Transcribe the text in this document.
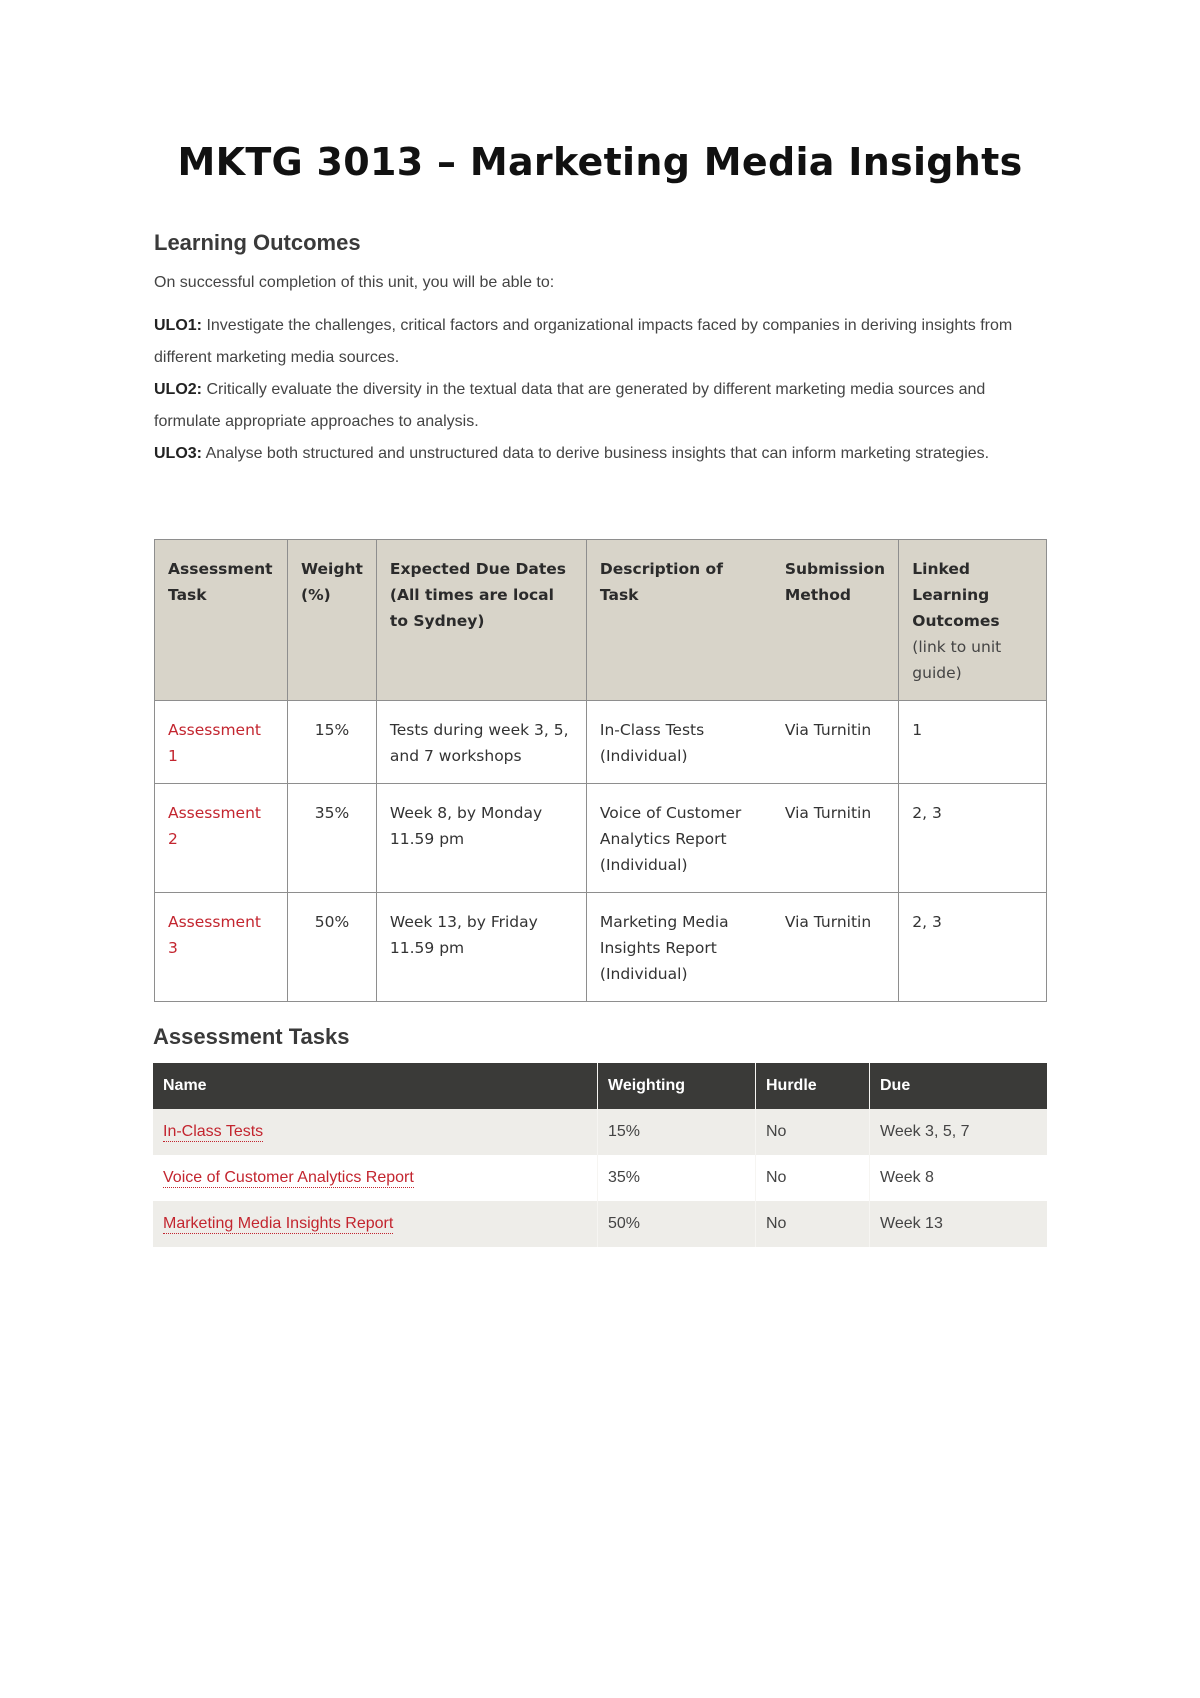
MKTG 3013 – Marketing Media Insights
Learning Outcomes
On successful completion of this unit, you will be able to:
ULO1: Investigate the challenges, critical factors and organizational impacts faced by companies in deriving insights from different marketing media sources.
ULO2: Critically evaluate the diversity in the textual data that are generated by different marketing media sources and formulate appropriate approaches to analysis.
ULO3: Analyse both structured and unstructured data to derive business insights that can inform marketing strategies.
Assessment Task	Weight (%)	Expected Due Dates (All times are local to Sydney)	Description of Task	Submission Method	Linked Learning Outcomes
(link to unit guide)

Assessment 1	15%	Tests during week 3, 5, and 7 workshops	In-Class Tests (Individual)	Via Turnitin	1
Assessment 2	35%	Week 8, by Monday 11.59 pm	Voice of Customer Analytics Report (Individual)	Via Turnitin	2, 3
Assessment 3	50%	Week 13, by Friday 11.59 pm	Marketing Media Insights Report (Individual)	Via Turnitin	2, 3
Assessment Tasks
Name	Weighting	Hurdle	Due
In-Class Tests	15%	No	Week 3, 5, 7
Voice of Customer Analytics Report	35%	No	Week 8
Marketing Media Insights Report	50%	No	Week 13
